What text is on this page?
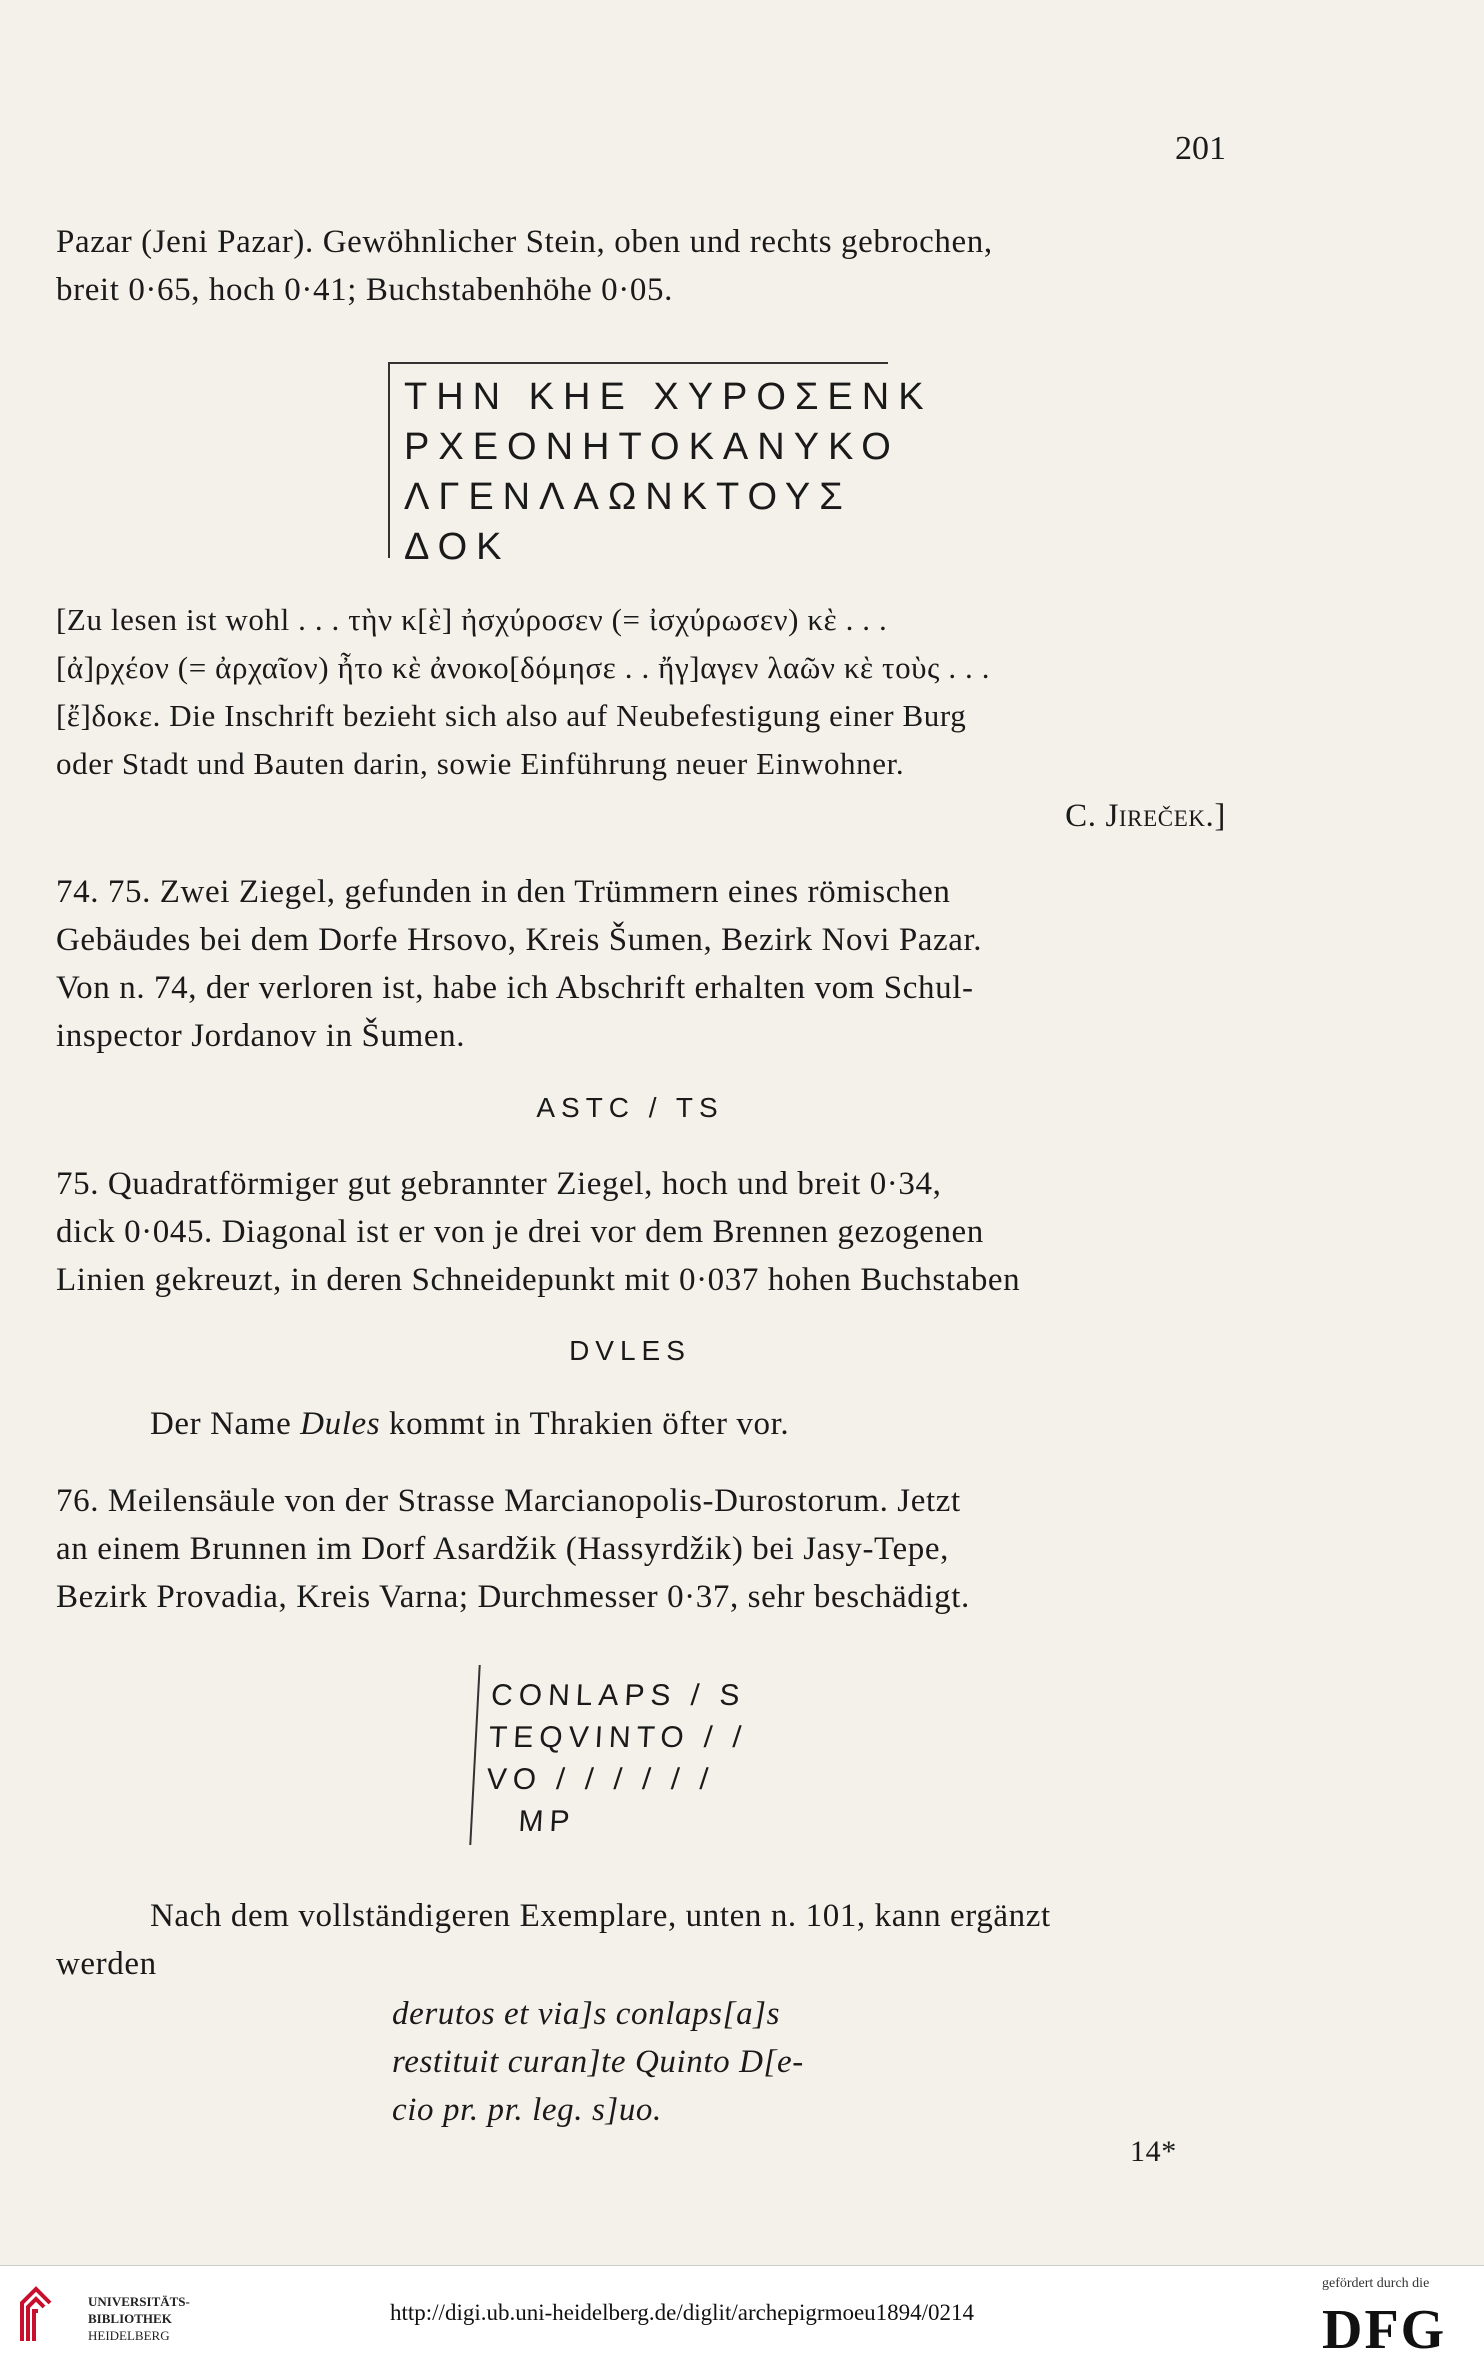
201
Pazar (Jeni Pazar). Gewöhnlicher Stein, oben und rechts gebrochen,
breit 0·65, hoch 0·41; Buchstabenhöhe 0·05.
ΤΗΝ ΚΗΕ ΧΥΡΟΣΕΝΚ
ΡΧΕΟΝΗΤΟΚΑΝΥΚΟ
ΛΓΕΝΛΑΩΝΚΤΟΥΣ
ΔΟΚ
[Zu lesen ist wohl . . . τὴν κ[ὲ] ἠσχύροσεν (= ἰσχύρωσεν) κὲ . . .
[ἀ]ρχέον (= ἀρχαῖον) ἦτο κὲ ἀνοκο[δόμησε . . ἤγ]αγεν λαῶν κὲ τοὺς . . .
[ἔ]δοκε. Die Inschrift bezieht sich also auf Neubefestigung einer Burg
oder Stadt und Bauten darin, sowie Einführung neuer Einwohner.
C. Jireček.]
74. 75. Zwei Ziegel, gefunden in den Trümmern eines römischen
Gebäudes bei dem Dorfe Hrsovo, Kreis Šumen, Bezirk Novi Pazar.
Von n. 74, der verloren ist, habe ich Abschrift erhalten vom Schul-
inspector Jordanov in Šumen.
ASTC / TS
75. Quadratförmiger gut gebrannter Ziegel, hoch und breit 0·34,
dick 0·045. Diagonal ist er von je drei vor dem Brennen gezogenen
Linien gekreuzt, in deren Schneidepunkt mit 0·037 hohen Buchstaben
DVLES
Der Name Dules kommt in Thrakien öfter vor.
76. Meilensäule von der Strasse Marcianopolis-Durostorum. Jetzt
an einem Brunnen im Dorf Asardžik (Hassyrdžik) bei Jasy-Tepe,
Bezirk Provadia, Kreis Varna; Durchmesser 0·37, sehr beschädigt.
CONLAPS / S
TEQVINTO / /
VO / / / / / /
MP
Nach dem vollständigeren Exemplare, unten n. 101, kann ergänzt
werden
derutos et via]s conlaps[a]s
restituit curan]te Quinto D[e-
cio pr. pr. leg. s]uo.
14*
UNIVERSITÄTS-
BIBLIOTHEK
HEIDELBERG
http://digi.ub.uni-heidelberg.de/diglit/archepigrmoeu1894/0214
gefördert durch die
DFG
